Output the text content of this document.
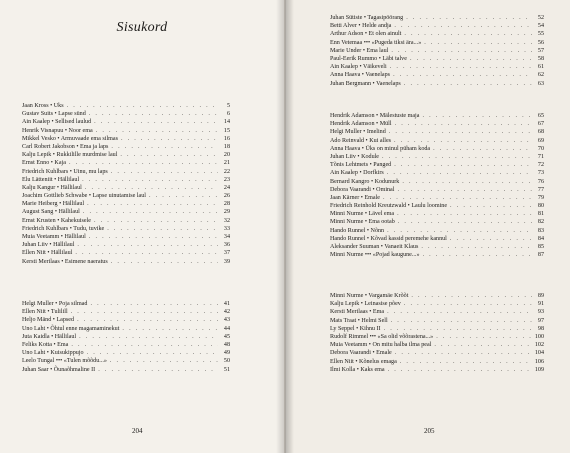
Sisukord
Jaan Kross • Uks . . .	5
Gustav Suits • Lapse sünd . . .	6
Ain Kaalep • Sellised laulud . . .	14
Henrik Visnapuu • Noor ema . . .	15
Mikkel Vesko • Armuvaade ema silmas . . .	16
Carl Robert Jakobson • Ema ja laps . . .	18
Kalju Lepik • Rukkilille murdmise laul . . .	20
Ernst Enno • Kaja . . .	21
Friedrich Kuhlbars • Uinu, mu laps . . .	22
Elu Lätteniit • Hällilaul . . .	23
Kalju Kangur • Hällilaul . . .	24
Joachim Gottlieb Schwabe • Lapse uinutamise laul . . .	26
Marie Heiberg • Hällilaul . . .	28
August Sang • Hällilaul . . .	29
Ernst Krusten • Kahekuisele . . .	32
Friedrich Kuhlbars • Tudu, tuvike . . .	33
Muia Veetamm • Hällilaul . . .	34
Juhan Liiv • Hällilaul . . .	36
Ellen Niit • Hällilaul . . .	37
Kersti Merilaas • Esimene naeratus . . .	39
Helgi Muller • Poja silmad . . .	41
Ellen Niit • Tulilill . . .	42
Heljo Mänd • Lapsed . . .	43
Uno Laht • Õhtul enne magamaminekut . . .	44
Juta Kaidla • Hällilaul . . .	45
Feliks Kotta • Ema . . .	48
Uno Laht • Kuisukippujo . . .	49
Leelo Tungal ••• «Tulen mõõdu...» . . .	50
Juhan Saar • Õunaõhmaline II . . .	51
204
Juhan Sütiste • Tagasipöörang . . .	52
Betti Alver • Helde andja . . .	54
Arthur Adson • Et olen ainult . . .	55
Enn Vetemaa ••• «Pugeda tiksi ära...» . . .	56
Marie Under • Ema laul . . .	57
Paul-Eerik Rummo • Läbi talve . . .	58
Ain Kaalep • Väikeveli . . .	61
Anna Haava • Vaenelaps . . .	62
Juhan Bergmann • Vaenelaps . . .	63
Hendrik Adamson • Mälestuste maja . . .	65
Hendrik Adamson • Müll . . .	67
Helgi Muller • Imelind . . .	68
Ado Reinvald • Kui alles . . .	69
Anna Haava • Üks on minul püham koda . . .	70
Juhan Liiv • Kodule . . .	71
Tõnis Lehtmets • Panged . . .	72
Ain Kaalep • Dorfkirs . . .	73
Bernard Kangro • Kodunurk . . .	76
Debora Vaarandi • Ominal . . .	77
Jaan Kärner • Emale . . .	79
Friedrich Reinhold Kreutzwald • Laulu loomine . . .	80
Minni Nurme • Lävel ema . . .	81
Minni Nurme • Ema ootab . . .	82
Hando Runnel • Nõnn . . .	83
Hando Runnel • Kõvad kassid peremehe kannul . . .	84
Aleksander Suuman • Vanaeit Klaus . . .	85
Minni Nurme ••• «Pojad kaugune...» . . .	87
Minni Nurme • Vargamäe Krõõt . . .	89
Kalju Lepik • Leinasise põev . . .	91
Kersti Merilaas • Ema . . .	93
Mats Traat • Helmi Sell . . .	97
Ly Seppel • Kihnu II . . .	98
Rudolf Rimmel ••• «Sa olid võõrastena...» . . .	100
Muia Veetamm • On mitu halba ilma peal . . .	102
Debora Vaarandi • Emale . . .	104
Ellen Niit • Kõnelus emaga . . .	106
Ilmi Kolla • Kaks ema . . .	109
205
